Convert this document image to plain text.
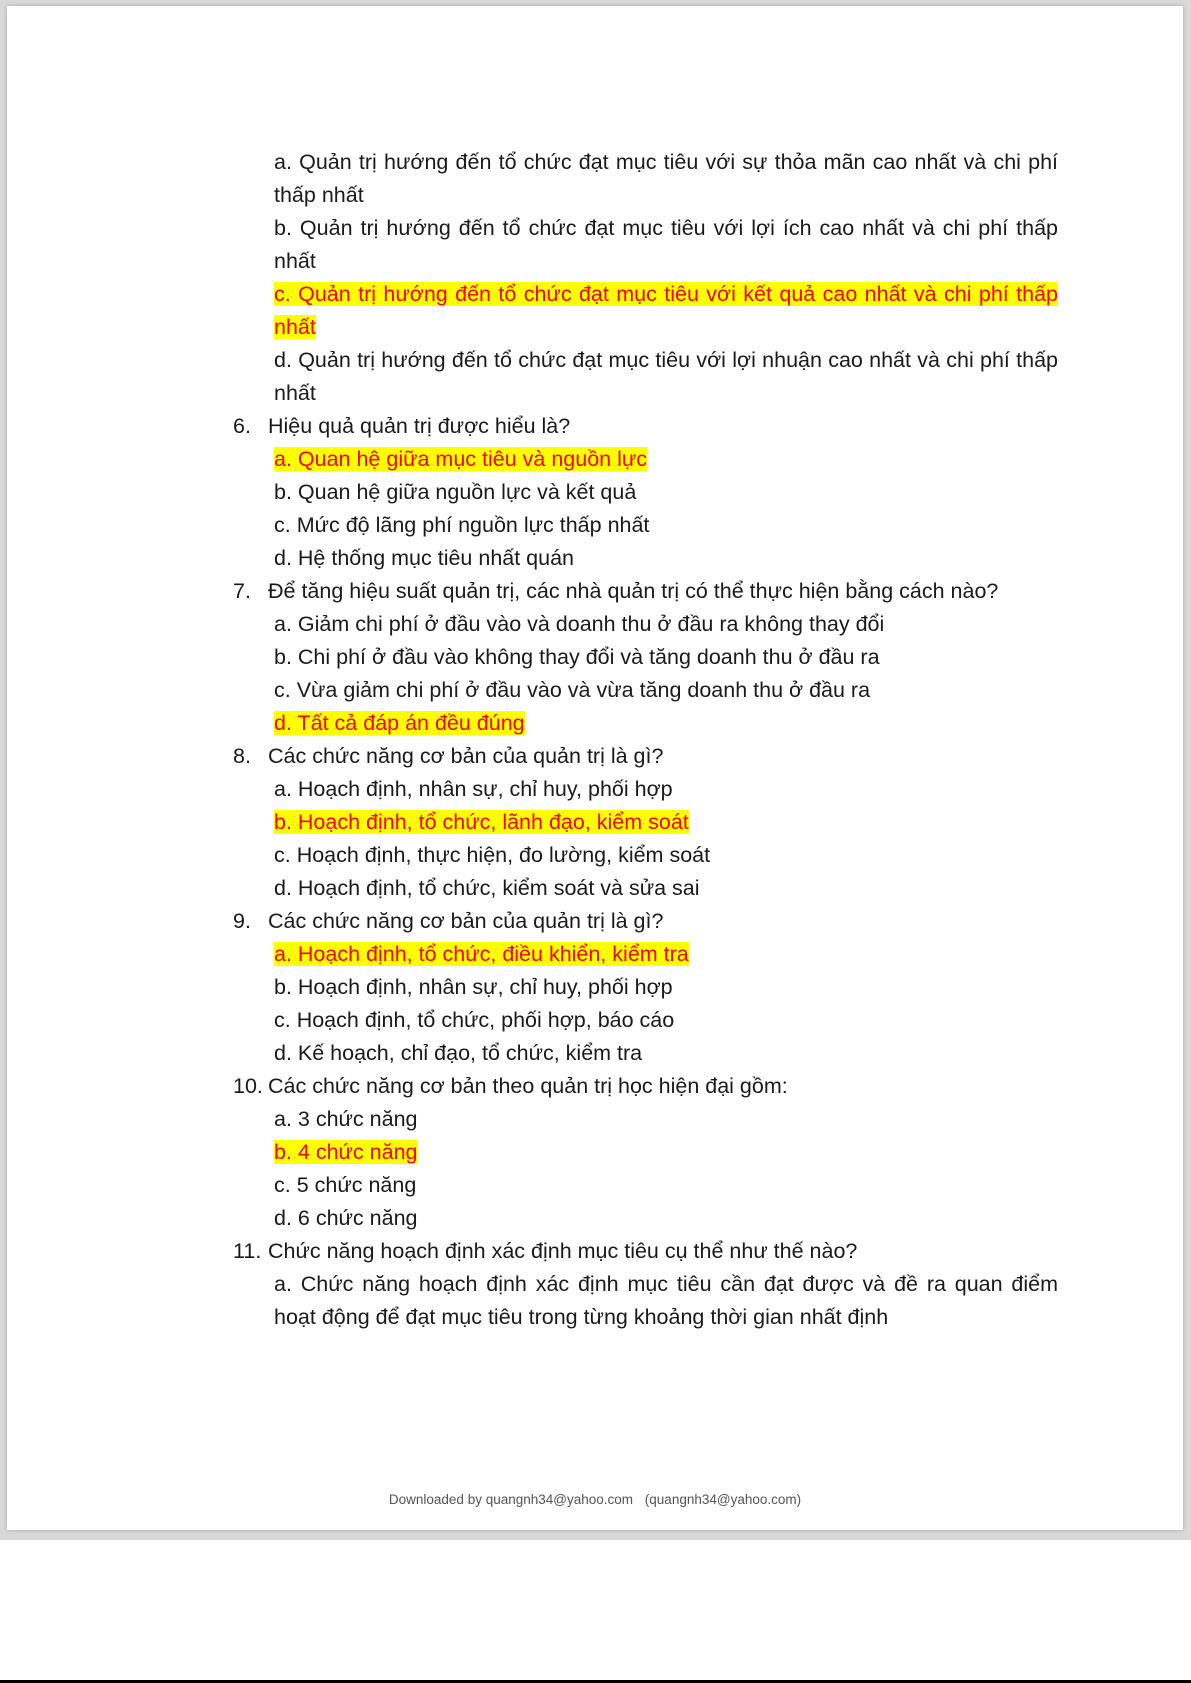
a. Quản trị hướng đến tổ chức đạt mục tiêu với sự thỏa mãn cao nhất và chi phí thấp nhất
b. Quản trị hướng đến tổ chức đạt mục tiêu với lợi ích cao nhất và chi phí thấp nhất
c. Quản trị hướng đến tổ chức đạt mục tiêu với kết quả cao nhất và chi phí thấp nhất
d. Quản trị hướng đến tổ chức đạt mục tiêu với lợi nhuận cao nhất và chi phí thấp nhất
6. Hiệu quả quản trị được hiểu là?
a. Quan hệ giữa mục tiêu và nguồn lực
b. Quan hệ giữa nguồn lực và kết quả
c. Mức độ lãng phí nguồn lực thấp nhất
d. Hệ thống mục tiêu nhất quán
7. Để tăng hiệu suất quản trị, các nhà quản trị có thể thực hiện bằng cách nào?
a. Giảm chi phí ở đầu vào và doanh thu ở đầu ra không thay đổi
b. Chi phí ở đầu vào không thay đổi và tăng doanh thu ở đầu ra
c. Vừa giảm chi phí ở đầu vào và vừa tăng doanh thu ở đầu ra
d. Tất cả đáp án đều đúng
8. Các chức năng cơ bản của quản trị là gì?
a. Hoạch định, nhân sự, chỉ huy, phối hợp
b. Hoạch định, tổ chức, lãnh đạo, kiểm soát
c. Hoạch định, thực hiện, đo lường, kiểm soát
d. Hoạch định, tổ chức, kiểm soát và sửa sai
9. Các chức năng cơ bản của quản trị là gì?
a. Hoạch định, tổ chức, điều khiển, kiểm tra
b. Hoạch định, nhân sự, chỉ huy, phối hợp
c. Hoạch định, tổ chức, phối hợp, báo cáo
d. Kế hoạch, chỉ đạo, tổ chức, kiểm tra
10. Các chức năng cơ bản theo quản trị học hiện đại gồm:
a. 3 chức năng
b. 4 chức năng
c. 5 chức năng
d. 6 chức năng
11. Chức năng hoạch định xác định mục tiêu cụ thể như thế nào?
a. Chức năng hoạch định xác định mục tiêu cần đạt được và đề ra quan điểm hoạt động để đạt mục tiêu trong từng khoảng thời gian nhất định
Downloaded by quangnh34@yahoo.com (quangnh34@yahoo.com)
